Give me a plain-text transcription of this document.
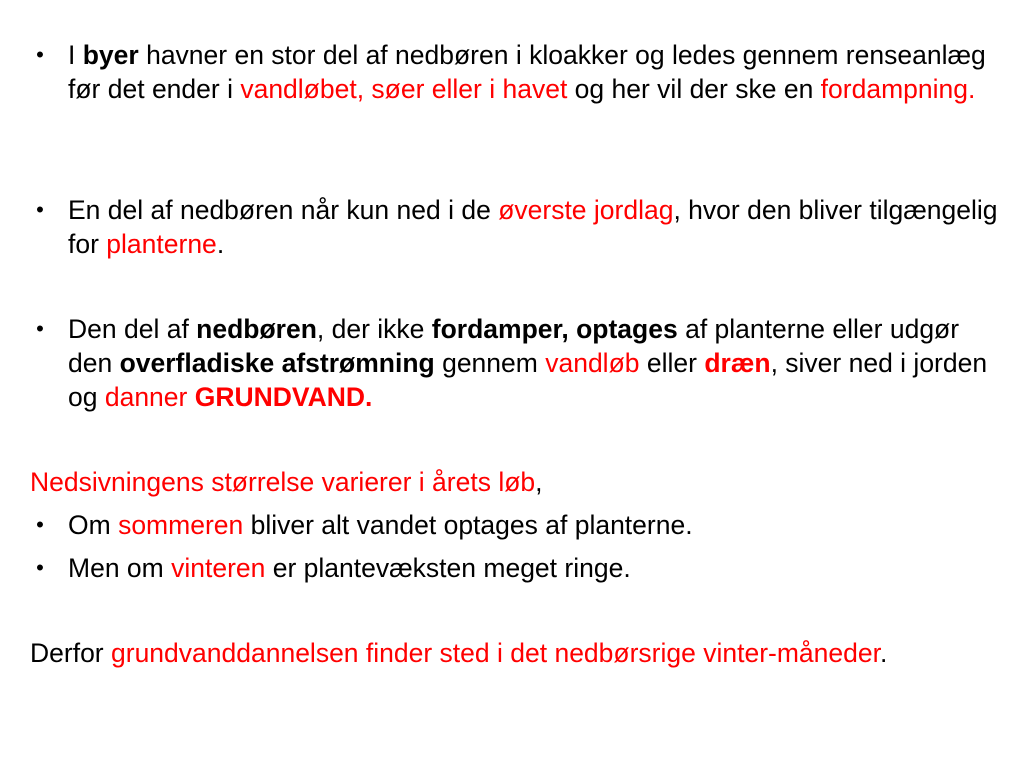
• I byer havner en stor del af nedbøren i kloakker og ledes gennem renseanlæg før det ender i vandløbet, søer eller i havet og her vil der ske en fordampning.
• En del af nedbøren når kun ned i de øverste jordlag, hvor den bliver tilgængelig for planterne.
• Den del af nedbøren, der ikke fordamper, optages af planterne eller udgør den overfladiske afstrømning gennem vandløb eller dræn, siver ned i jorden og danner GRUNDVAND.
Nedsivningens størrelse varierer i årets løb,
• Om sommeren bliver alt vandet optages af planterne.
• Men om vinteren er plantevæksten meget ringe.
Derfor grundvanddannelsen finder sted i det nedbørsrige vinter-måneder.
